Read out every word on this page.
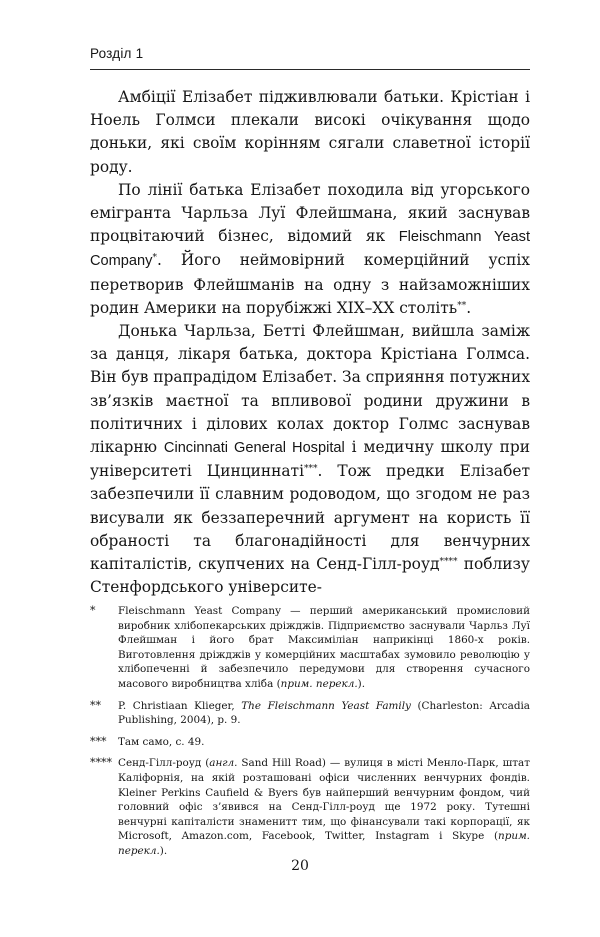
Розділ 1

Амбіції Елізабет підживлювали батьки. Крістіан і Ноель Голмси плекали високі очікування щодо доньки, які своїм корінням сягали славетної історії роду.

По лінії батька Елізабет походила від угорського емігранта Чарльза Луї Флейшмана, який заснував процвітаючий бізнес, відомий як Fleischmann Yeast Company*. Його неймовірний комерційний успіх перетворив Флейшманів на одну з найзаможніших родин Америки на порубіжжі XIX–XX століть**.

Донька Чарльза, Бетті Флейшман, вийшла заміж за данця, лікаря батька, доктора Крістіана Голмса. Він був прапрадідом Елізабет. За сприяння потужних зв’язків маєтної та впливової родини дружини в політичних і ділових колах доктор Голмс заснував лікарню Cincinnati General Hospital і медичну школу при університеті Цинциннаті***. Тож предки Елізабет забезпечили її славним родоводом, що згодом не раз висували як беззаперечний аргумент на користь її обраності та благонадійності для венчурних капіталістів, скупчених на Сенд-Гілл-роуд**** поблизу Стенфордського університе-

*	Fleischmann Yeast Company — перший американський промисловий виробник хлібопекарських дріжджів. Підприємство заснували Чарльз Луї Флейшман і його брат Максиміліан наприкінці 1860-х років. Виготовлення дріжджів у комерційних масштабах зумовило революцію у хлібопеченні й забезпечило передумови для створення сучасного масового виробництва хліба (прим. перекл.).
**	P. Christiaan Klieger, The Fleischmann Yeast Family (Charleston: Arcadia Publishing, 2004), p. 9.
***	Там само, с. 49.
**** Сенд-Гілл-роуд (англ. Sand Hill Road) — вулиця в місті Менло-Парк, штат Каліфорнія, на якій розташовані офіси численних венчурних фондів. Kleiner Perkins Caufield & Byers був найперший венчурним фондом, чий головний офіс з’явився на Сенд-Гілл-роуд ще 1972 року. Тутешні венчурні капіталісти знаменитт тим, що фінансували такі корпорації, як Microsoft, Amazon.com, Facebook, Twitter, Instagram і Skype (прим. перекл.).
20
